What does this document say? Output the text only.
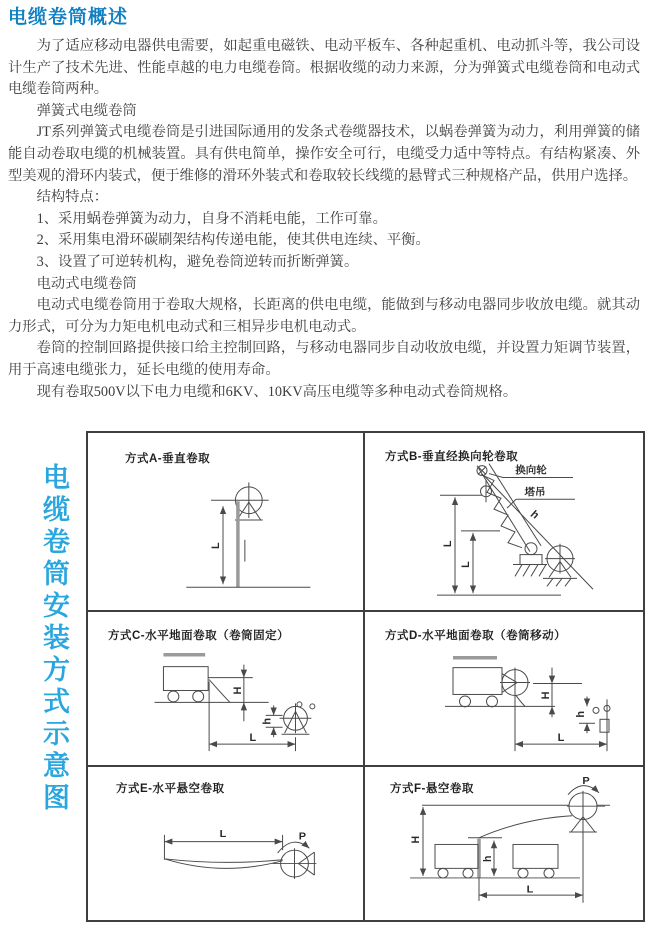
电缆卷筒概述

为了适应移动电器供电需要，如起重电磁铁、电动平板车、各种起重机、电动抓斗等，我公司设计生产了技术先进、性能卓越的电力电缆卷筒。根据收缆的动力来源，分为弹簧式电缆卷筒和电动式电缆卷筒两种。

弹簧式电缆卷筒

JT系列弹簧式电缆卷筒是引进国际通用的发条式卷缆器技术，以蜗卷弹簧为动力，利用弹簧的储能自动卷取电缆的机械装置。具有供电简单，操作安全可行，电缆受力适中等特点。有结构紧凑、外型美观的滑环内装式，便于维修的滑环外装式和卷取较长线缆的悬臂式三种规格产品，供用户选择。

结构特点：

1、采用蜗卷弹簧为动力，自身不消耗电能，工作可靠。

2、采用集电滑环碳刷架结构传递电能，使其供电连续、平衡。

3、设置了可逆转机构，避免卷筒逆转而折断弹簧。

电动式电缆卷筒

电动式电缆卷筒用于卷取大规格，长距离的供电电缆，能做到与移动电器同步收放电缆。就其动力形式，可分为力矩电机电动式和三相异步电机电动式。

卷筒的控制回路提供接口给主控制回路，与移动电器同步自动收放电缆，并设置力矩调节装置，用于高速电缆张力，延长电缆的使用寿命。

现有卷取500V以下电力电缆和6KV、10KV高压电缆等多种电动式卷筒规格。

电缆卷筒安装方式示意图
方式A-垂直卷取
L
方式B-垂直经换向轮卷取
h
换向轮
塔吊
L
L
方式C-水平地面卷取（卷筒固定）
H
h
L
方式D-水平地面卷取（卷筒移动）
H
h
L
方式E-水平悬空卷取
L	P
方式F-悬空卷取
P
H
h
L
